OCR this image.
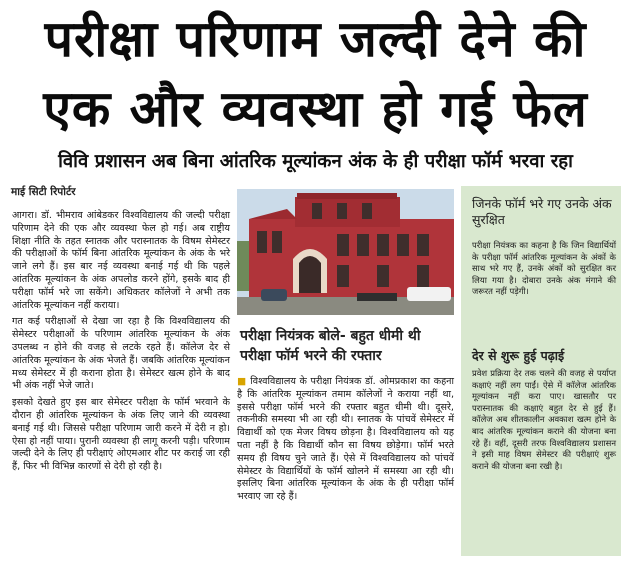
परीक्षा परिणाम जल्दी देने की
एक और व्यवस्था हो गई फेल
विवि प्रशासन अब बिना आंतरिक मूल्यांकन अंक के ही परीक्षा फॉर्म भरवा रहा
माई सिटी रिपोर्टर

आगरा। डॉ. भीमराव आंबेडकर विश्वविद्यालय की जल्दी परीक्षा परिणाम देने की एक और व्यवस्था फेल हो गई। अब राष्ट्रीय शिक्षा नीति के तहत स्नातक और परास्नातक के विषम सेमेस्टर की परीक्षाओं के फॉर्म बिना आंतरिक मूल्यांकन के अंक के भरे जाने लगे हैं। इस बार नई व्यवस्था बनाई गई थी कि पहले आंतरिक मूल्यांकन के अंक अपलोड करने होंगे, इसके बाद ही परीक्षा फॉर्म भरे जा सकेंगे। अधिकतर कॉलेजों ने अभी तक आंतरिक मूल्यांकन नहीं कराया।

गत कई परीक्षाओं से देखा जा रहा है कि विश्वविद्यालय की सेमेस्टर परीक्षाओं के परिणाम आंतरिक मूल्यांकन के अंक उपलब्ध न होने की वजह से लटके रहते हैं। कॉलेज देर से आंतरिक मूल्यांकन के अंक भेजते हैं। जबकि आंतरिक मूल्यांकन मध्य सेमेस्टर में ही कराना होता है। सेमेस्टर खत्म होने के बाद भी अंक नहीं भेजे जाते।

इसको देखते हुए इस बार सेमेस्टर परीक्षा के फॉर्म भरवाने के दौरान ही आंतरिक मूल्यांकन के अंक लिए जाने की व्यवस्था बनाई गई थी। जिससे परीक्षा परिणाम जारी करने में देरी न हो। ऐसा हो नहीं पाया। पुरानी व्यवस्था ही लागू करनी पड़ी। परिणाम जल्दी देने के लिए ही परीक्षाएं ओएमआर शीट पर कराई जा रही हैं, फिर भी विभिन्न कारणों से देरी हो रही है।

परीक्षा नियंत्रक बोले- बहुत धीमी थी परीक्षा फॉर्म भरने की रफ्तार

■ विश्वविद्यालय के परीक्षा नियंत्रक डॉ. ओमप्रकाश का कहना है कि आंतरिक मूल्यांकन तमाम कॉलेजों ने कराया नहीं था, इससे परीक्षा फॉर्म भरने की रफ्तार बहुत धीमी थी। दूसरे, तकनीकी समस्या भी आ रही थी। स्नातक के पांचवें सेमेस्टर में विद्यार्थी को एक मेजर विषय छोड़ना है। विश्वविद्यालय को यह पता नहीं है कि विद्यार्थी कौन सा विषय छोड़ेगा। फॉर्म भरते समय ही विषय चुने जाते हैं। ऐसे में विश्वविद्यालय को पांचवें सेमेस्टर के विद्यार्थियों के फॉर्म खोलने में समस्या आ रही थी। इसलिए बिना आंतरिक मूल्यांकन के अंक के ही परीक्षा फॉर्म भरवाए जा रहे हैं।

जिनके फॉर्म भरे गए उनके अंक सुरक्षित
परीक्षा नियंत्रक का कहना है कि जिन विद्यार्थियों के परीक्षा फॉर्म आंतरिक मूल्यांकन के अंकों के साथ भरे गए हैं, उनके अंकों को सुरक्षित कर लिया गया है। दोबारा उनके अंक मंगाने की जरूरत नहीं पड़ेगी।
देर से शुरू हुई पढ़ाई
प्रवेश प्रक्रिया देर तक चलने की वजह से पर्याप्त कक्षाएं नहीं लग पाईं। ऐसे में कॉलेज आंतरिक मूल्यांकन नहीं करा पाए। खासतौर पर परास्नातक की कक्षाएं बहुत देर से हुई हैं। कॉलेज अब शीतकालीन अवकाश खत्म होने के बाद आंतरिक मूल्यांकन कराने की योजना बना रहे हैं। वहीं, दूसरी तरफ विश्वविद्यालय प्रशासन ने इसी माह विषम सेमेस्टर की परीक्षाएं शुरू कराने की योजना बना रखी है।
